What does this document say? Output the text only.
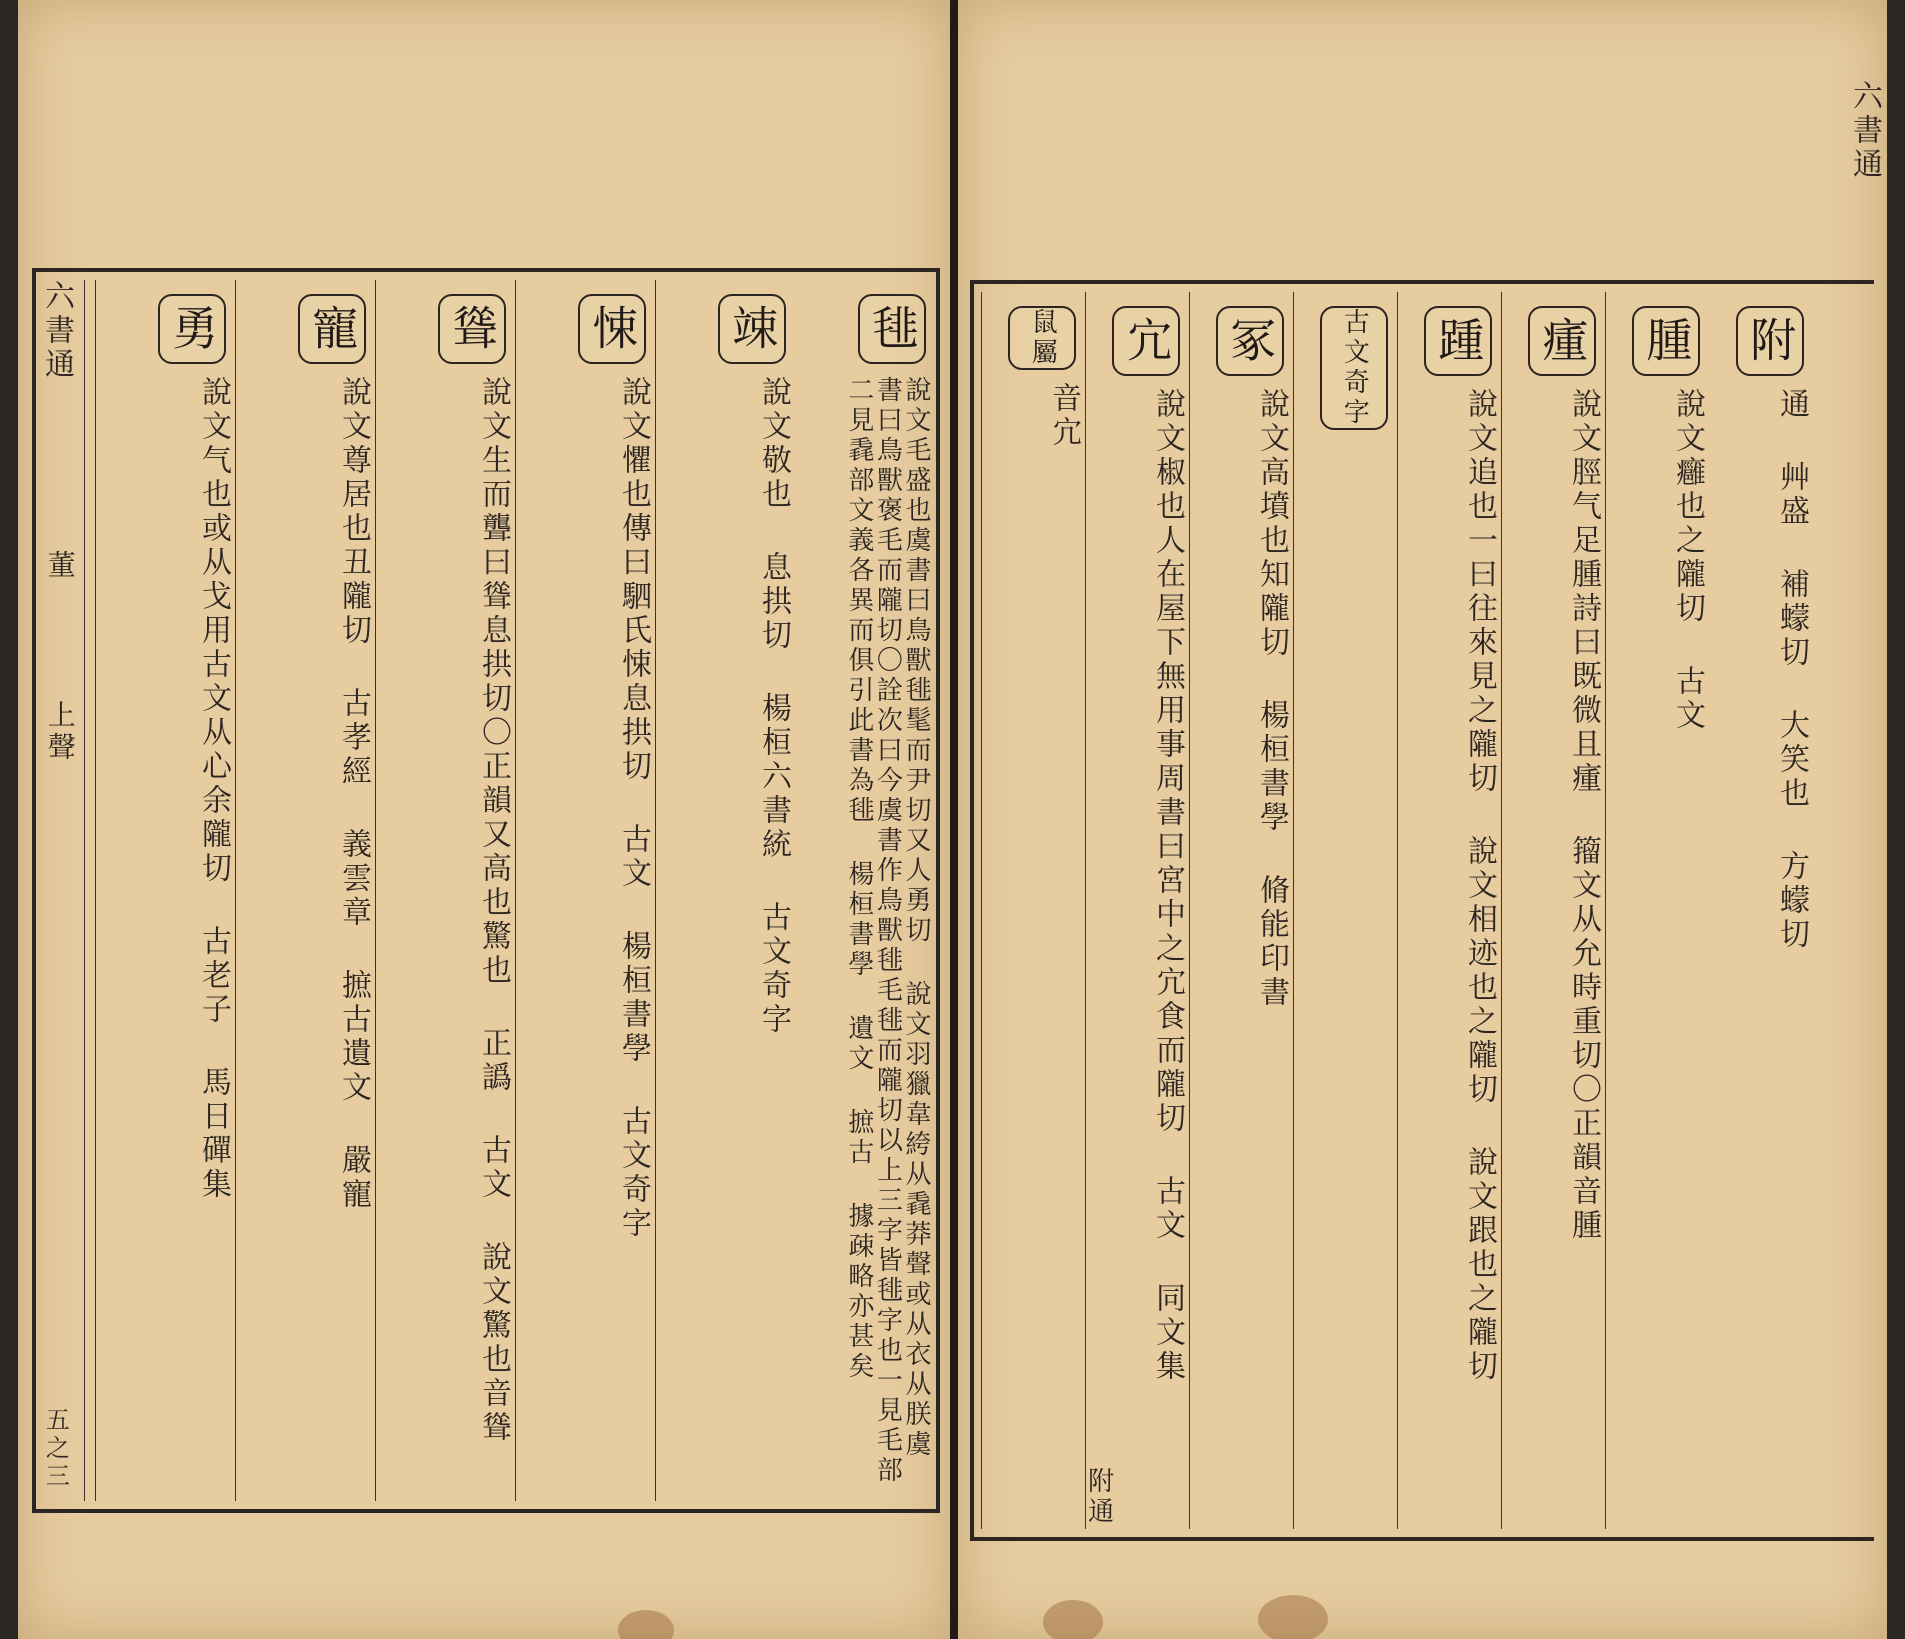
六書通
董
上聲
五之三
毴
說文毛盛也虞書曰鳥獸毴髦而尹切又人勇切 說文羽獵韋絝从毳莽聲或从衣从朕虞書曰鳥獸褒毛而隴切〇詮次曰今虞書作鳥獸毴毛毴而隴切以上三字皆毴字也一見毛部二見毳部文義各異而俱引此書為毴 楊桓書學 遺文 摭古 據疎略亦甚矣
竦
說文敬也 息拱切 楊桓六書統 古文奇字
悚
說文懼也傳曰駟氏悚息拱切 古文 楊桓書學 古文奇字
聳
說文生而聾曰聳息拱切〇正韻又高也驚也 正譌 古文 說文驚也音聳
寵
說文尊居也丑隴切 古孝經 義雲章 摭古遺文 嚴寵
勇
說文气也或从戈用古文从心余隴切 古老子 馬日磾集
六書通
附
通 艸盛 補蠓切 大笑也 方蠓切
腫
說文癰也之隴切 古文
瘇
說文脛气足腫詩曰既微且瘇 籀文从允時重切〇正韻音腫
踵
說文追也一曰往來見之隴切 說文相迹也之隴切 說文跟也之隴切
古文奇字
冢
說文高墳也知隴切 楊桓書學 脩能印書
宂
說文椒也人在屋下無用事周書曰宮中之宂食而隴切 古文 同文集
鼠屬
音宂
附通
